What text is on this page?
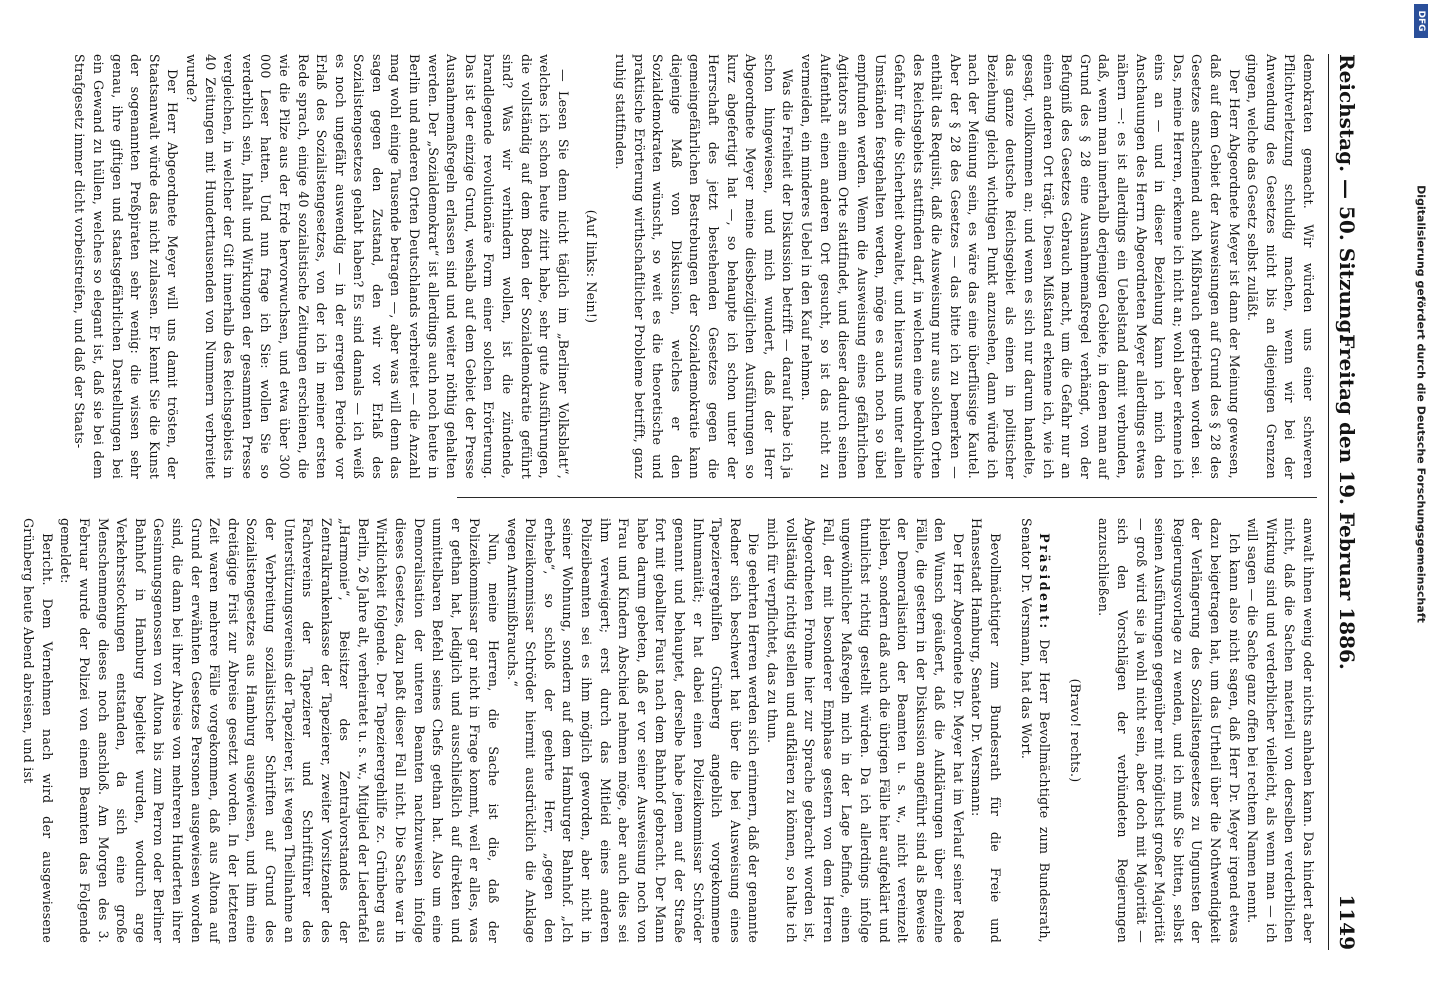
Reichstag. — 50. Sitzung.
Freitag den 19. Februar 1886.
1149

demokraten gemacht. Wir würden uns einer schweren Pflichtverletzung schuldig machen, wenn wir bei der Anwendung des Gesetzes nicht bis an diejenigen Grenzen gingen, welche das Gesetz selbst zuläßt.

Der Herr Abgeordnete Meyer ist dann der Meinung gewesen, daß auf dem Gebiet der Ausweisungen auf Grund des § 28 des Gesetzes anscheinend auch Mißbrauch getrieben worden sei. Das, meine Herren, erkenne ich nicht an; wohl aber erkenne ich eins an — und in dieser Beziehung kann ich mich den Anschauungen des Herrn Abgeordneten Meyer allerdings etwas nähern —: es ist allerdings ein Uebelstand damit verbunden, daß, wenn man innerhalb derjenigen Gebiete, in denen man auf Grund des § 28 eine Ausnahmemaßregel verhängt, von der Befugniß des Gesetzes Gebrauch macht, um die Gefahr nur an einen anderen Ort trägt. Diesen Mißstand erkenne ich, wie ich gesagt, vollkommen an; und wenn es sich nur darum handelte, das ganze deutsche Reichsgebiet als einen in politischer Beziehung gleich wichtigen Punkt anzusehen, dann würde ich nach der Meinung sein, es wäre das eine überflüssige Kautel. Aber der § 28 des Gesetzes — das bitte ich zu bemerken — enthält das Requisit, daß die Ausweisung nur aus solchen Orten des Reichsgebiets stattfinden darf, in welchen eine bedrohliche Gefahr für die Sicherheit obwaltet, und hieraus muß unter allen Umständen festgehalten werden, möge es auch noch so übel empfunden werden. Wenn die Ausweisung eines gefährlichen Agitators an einem Orte stattfindet, und dieser dadurch seinen Aufenthalt einen anderen Ort gesucht, so ist das nicht zu vermeiden, ein minderes Uebel in den Kauf nehmen.

Was die Freiheit der Diskussion betrifft — darauf habe ich ja schon hingewiesen, und mich wundert, daß der Herr Abgeordnete Meyer meine diesbezüglichen Ausführungen so kurz abgefertigt hat —, so behaupte ich schon unter der Herrschaft des jetzt bestehenden Gesetzes gegen die gemeingefährlichen Bestrebungen der Sozialdemokratie kann diejenige Maß von Diskussion, welches er den Sozialdemokraten wünscht, so weit es die theoretische und praktische Erörterung wirthschaftlicher Probleme betrifft, ganz ruhig stattfinden.

(Auf links: Nein!)

— Lesen Sie denn nicht täglich im „Berliner Volksblatt“, welches ich schon heute zitirt habe, sehr gute Ausführungen, die vollständig auf dem Boden der Sozialdemokratie geführt sind? Was wir verhindern wollen, ist die zündende, brandlegende revolutionäre Form einer solchen Erörterung. Das ist der einzige Grund, weshalb auf dem Gebiet der Presse Ausnahmemaßregeln erlassen sind und weiter nöthig gehalten werden. Der „Sozialdemokrat“ ist allerdings auch noch heute in Berlin und anderen Orten Deutschlands verbreitet — die Anzahl mag wohl einige Tausende betragen —, aber was will denn das sagen gegen den Zustand, den wir vor Erlaß des Sozialistengesetzes gehabt haben? Es sind damals — ich weiß es noch ungefähr auswendig — in der erregten Periode vor Erlaß des Sozialistengesetzes, von der ich in meiner ersten Rede sprach, einige 40 sozialistische Zeitungen erschienen, die wie die Pilze aus der Erde hervorwuchsen, und etwa über 300 000 Leser hatten. Und nun frage ich Sie: wollen Sie so verderblich sein, Inhalt und Wirkungen der gesammten Presse vergleichen, in welcher der Gift innerhalb des Reichsgebiets in 40 Zeitungen mit Hunderttausenden von Nummern verbreitet wurde?

Der Herr Abgeordnete Meyer will uns damit trösten, der Staatsanwalt würde das nicht zulassen. Er kennt Sie die Kunst der sogenannten Preßpiraten sehr wenig: die wissen sehr genau, ihre giftigen und staatsgefährlichen Darstellungen bei ein Gewand zu hüllen, welches so elegant ist, daß sie bei dem Strafgesetz immer dicht vorbeistreifen, und daß der Staats-

anwalt ihnen wenig oder nichts anhaben kann. Das hindert aber nicht, daß die Sachen materiell von derselben verderblichen Wirkung sind und verderblicher vielleicht, als wenn man — ich will sagen — die Sache ganz offen bei rechtem Namen nennt.

Ich kann also nicht sagen, daß Herr Dr. Meyer irgend etwas dazu beigetragen hat, um das Urtheil über die Nothwendigkeit der Verlängerung des Sozialistengesetzes zu Ungunsten der Regierungsvorlage zu wenden, und ich muß Sie bitten, selbst seinen Ausführungen gegenüber mit möglichst großer Majorität — groß wird sie ja wohl nicht sein, aber doch mit Majorität — sich den Vorschlägen der verbündeten Regierungen anzuschließen.

(Bravo! rechts.)

Präsident: Der Herr Bevollmächtigte zum Bundesrath, Senator Dr. Versmann, hat das Wort.

Bevollmächtigter zum Bundesrath für die Freie und Hansestadt Hamburg, Senator Dr. Versmann:

Der Herr Abgeordnete Dr. Meyer hat im Verlauf seiner Rede den Wunsch geäußert, daß die Aufklärungen über einzelne Fälle, die gestern in der Diskussion angeführt sind als Beweise der Demoralisation der Beamten u. s. w., nicht vereinzelt bleiben, sondern daß auch die übrigen Fälle hier aufgeklärt und thunlichst richtig gestellt würden. Da ich allerdings infolge ungewöhnlicher Maßregeln mich in der Lage befinde, einen Fall, der mit besonderer Emphase gestern von dem Herren Abgeordneten Frohme hier zur Sprache gebracht worden ist, vollständig richtig stellen und aufklären zu können, so halte ich mich für verpflichtet, das zu thun.

Die geehrten Herren werden sich erinnern, daß der genannte Redner sich beschwert hat über die bei Ausweisung eines Tapezierergehilfen Grünberg angeblich vorgekommene Inhumanität; er hat dabei einen Polizeikommissar Schröder genannt und behauptet, derselbe habe jenem auf der Straße fort mit geballter Faust nach dem Bahnhof gebracht. Der Mann habe darum gebeten, daß er vor seiner Ausweisung noch von Frau und Kindern Abschied nehmen möge, aber auch dies sei ihm verweigert; erst durch das Mitleid eines anderen Polizeibeamten sei es ihm möglich geworden, aber nicht in seiner Wohnung, sondern auf dem Hamburger Bahnhof. „Ich erhebe“, so schloß der geehrte Herr, „gegen den Polizeikommissar Schröder hiermit ausdrücklich die Anklage wegen Amtsmißbrauchs.“

Nun, meine Herren, die Sache ist die, daß der Polizeikommissar gar nicht in Frage kommt, weil er alles, was er gethan hat, lediglich und ausschließlich auf direkten und unmittelbaren Befehl seines Chefs gethan hat. Also um eine Demoralisation der unteren Beamten nachzuweisen infolge dieses Gesetzes, dazu paßt dieser Fall nicht. Die Sache war in Wirklichkeit folgende. Der Tapezierergehilfe zc. Grünberg aus Berlin, 26 Jahre alt, verheiratet u. s. w., Mitglied der Liedertafel „Harmonie“, Beisitzer des Zentralvorstandes der Zentralkrankenkasse der Tapezierer, zweiter Vorsitzender des Fachvereins der Tapezierer und Schriftführer des Unterstützungsvereins der Tapezierer, ist wegen Theilnahme an der Verbreitung sozialistischer Schriften auf Grund des Sozialistengesetzes aus Hamburg ausgewiesen, und ihm eine dreitägige Frist zur Abreise gesetzt worden. In der letzteren Zeit waren mehrere Fälle vorgekommen, daß aus Altona auf Grund der erwähnten Gesetzes Personen ausgewiesen worden sind, die dann bei ihrer Abreise von mehreren Hunderten ihrer Gesinnungsgenossen von Altona bis zum Perron oder Berliner Bahnhof in Hamburg begleitet wurden, wodurch arge Verkehrsstockungen entstanden, da sich eine große Menschenmenge dieses noch anschloß. Am Morgen des 3. Februar wurde der Polizei von einem Beamten das Folgende gemeldet:

Bericht. Dem Vernehmen nach wird der ausgewiesene Grünberg heute Abend abreisen, und ist

Digitalisierung gefördert durch die Deutsche Forschungsgemeinschaft
DFG
